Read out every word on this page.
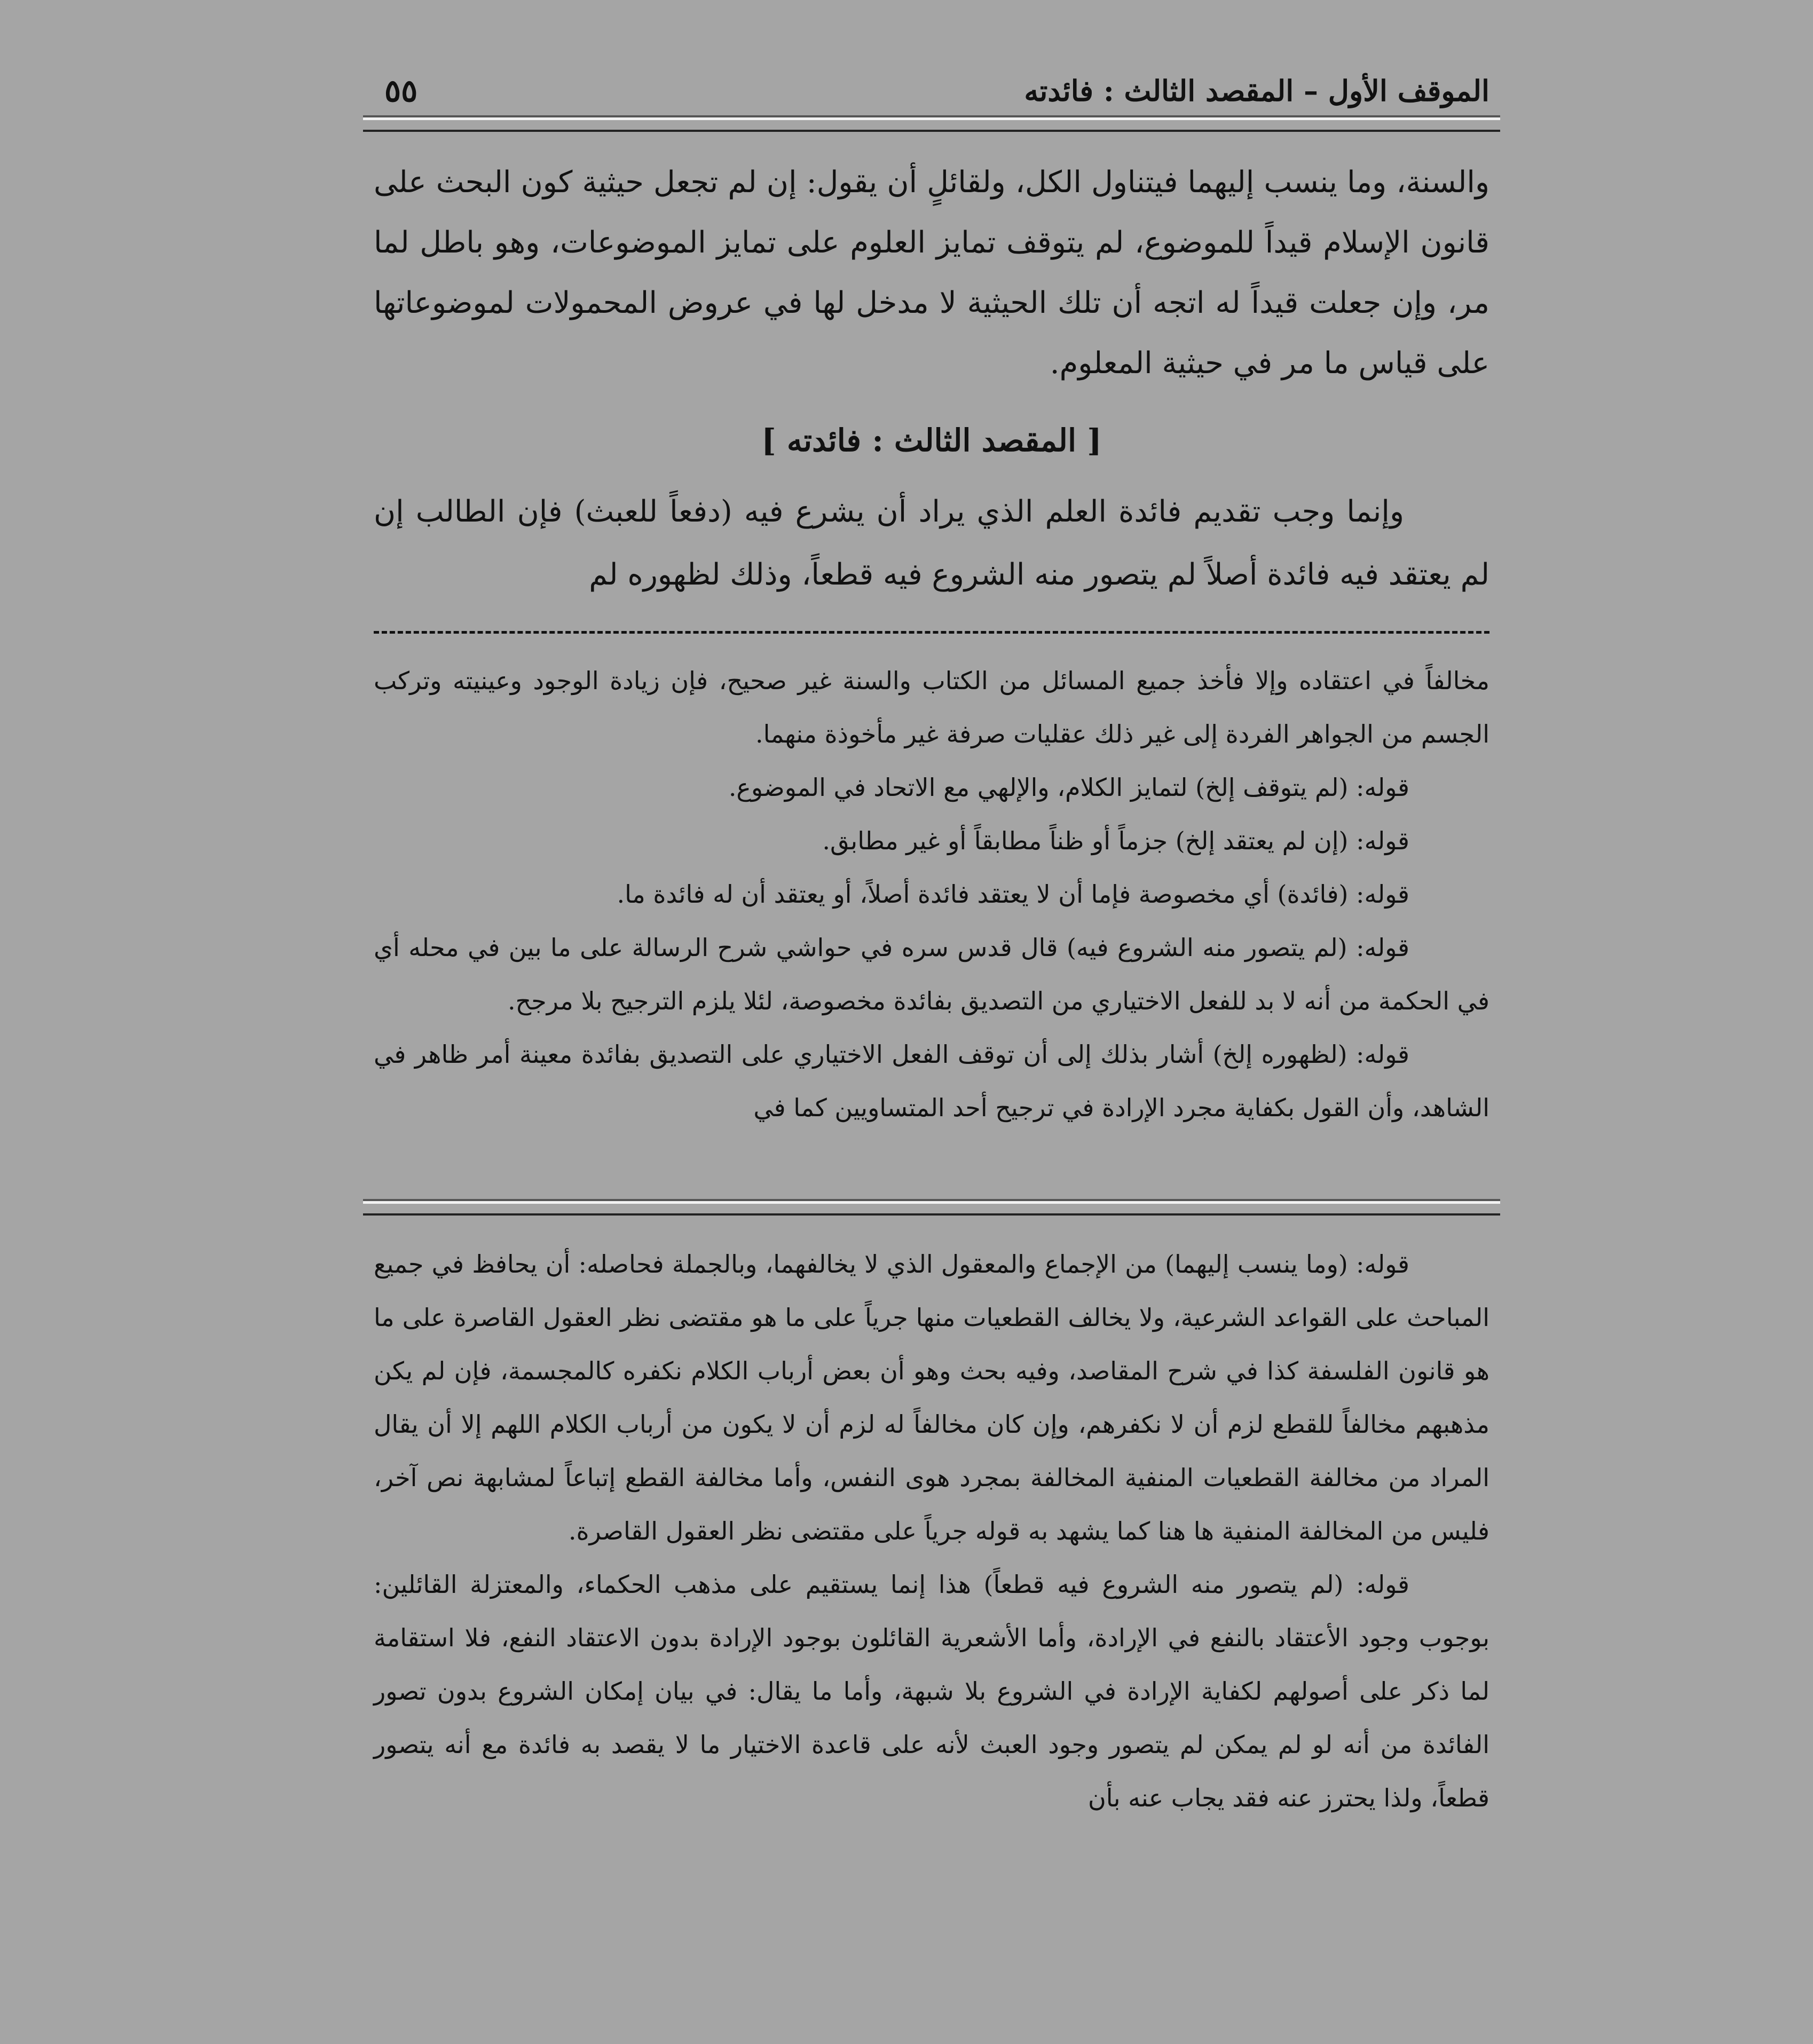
الموقف الأول – المقصد الثالث : فائدته
٥٥
والسنة، وما ينسب إليهما فيتناول الكل، ولقائلٍ أن يقول: إن لم تجعل حيثية كون البحث على قانون الإسلام قيداً للموضوع، لم يتوقف تمايز العلوم على تمايز الموضوعات، وهو باطل لما مر، وإن جعلت قيداً له اتجه أن تلك الحيثية لا مدخل لها في عروض المحمولات لموضوعاتها على قياس ما مر في حيثية المعلوم.
[ المقصد الثالث : فائدته ]
وإنما وجب تقديم فائدة العلم الذي يراد أن يشرع فيه (دفعاً للعبث) فإن الطالب إن لم يعتقد فيه فائدة أصلاً لم يتصور منه الشروع فيه قطعاً، وذلك لظهوره لم

مخالفاً في اعتقاده وإلا فأخذ جميع المسائل من الكتاب والسنة غير صحيح، فإن زيادة الوجود وعينيته وتركب الجسم من الجواهر الفردة إلى غير ذلك عقليات صرفة غير مأخوذة منهما.

قوله: (لم يتوقف إلخ) لتمايز الكلام، والإلهي مع الاتحاد في الموضوع.

قوله: (إن لم يعتقد إلخ) جزماً أو ظناً مطابقاً أو غير مطابق.

قوله: (فائدة) أي مخصوصة فإما أن لا يعتقد فائدة أصلاً، أو يعتقد أن له فائدة ما.

قوله: (لم يتصور منه الشروع فيه) قال قدس سره في حواشي شرح الرسالة على ما بين في محله أي في الحكمة من أنه لا بد للفعل الاختياري من التصديق بفائدة مخصوصة، لئلا يلزم الترجيح بلا مرجح.

قوله: (لظهوره إلخ) أشار بذلك إلى أن توقف الفعل الاختياري على التصديق بفائدة معينة أمر ظاهر في الشاهد، وأن القول بكفاية مجرد الإرادة في ترجيح أحد المتساويين كما في

قوله: (وما ينسب إليهما) من الإجماع والمعقول الذي لا يخالفهما، وبالجملة فحاصله: أن يحافظ في جميع المباحث على القواعد الشرعية، ولا يخالف القطعيات منها جرياً على ما هو مقتضى نظر العقول القاصرة على ما هو قانون الفلسفة كذا في شرح المقاصد، وفيه بحث وهو أن بعض أرباب الكلام نكفره كالمجسمة، فإن لم يكن مذهبهم مخالفاً للقطع لزم أن لا نكفرهم، وإن كان مخالفاً له لزم أن لا يكون من أرباب الكلام اللهم إلا أن يقال المراد من مخالفة القطعيات المنفية المخالفة بمجرد هوى النفس، وأما مخالفة القطع إتباعاً لمشابهة نص آخر، فليس من المخالفة المنفية ها هنا كما يشهد به قوله جرياً على مقتضى نظر العقول القاصرة.

قوله: (لم يتصور منه الشروع فيه قطعاً) هذا إنما يستقيم على مذهب الحكماء، والمعتزلة القائلين: بوجوب وجود الأعتقاد بالنفع في الإرادة، وأما الأشعرية القائلون بوجود الإرادة بدون الاعتقاد النفع، فلا استقامة لما ذكر على أصولهم لكفاية الإرادة في الشروع بلا شبهة، وأما ما يقال: في بيان إمكان الشروع بدون تصور الفائدة من أنه لو لم يمكن لم يتصور وجود العبث لأنه على قاعدة الاختيار ما لا يقصد به فائدة مع أنه يتصور قطعاً، ولذا يحترز عنه فقد يجاب عنه بأن
